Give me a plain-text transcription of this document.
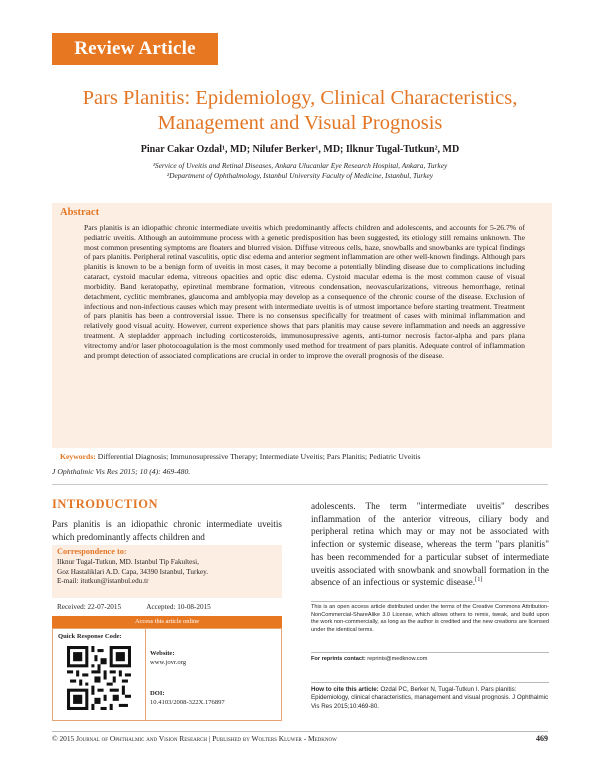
Review Article
Pars Planitis: Epidemiology, Clinical Characteristics,
Management and Visual Prognosis
Pinar Cakar Ozdal¹, MD; Nilufer Berker¹, MD; Ilknur Tugal-Tutkun², MD
¹Service of Uveitis and Retinal Diseases, Ankara Ulucanlar Eye Research Hospital, Ankara, Turkey
²Department of Ophthalmology, Istanbul University Faculty of Medicine, Istanbul, Turkey
Abstract
Pars planitis is an idiopathic chronic intermediate uveitis which predominantly affects children and adolescents, and accounts for 5-26.7% of pediatric uveitis. Although an autoimmune process with a genetic predisposition has been suggested, its etiology still remains unknown. The most common presenting symptoms are floaters and blurred vision. Diffuse vitreous cells, haze, snowballs and snowbanks are typical findings of pars planitis. Peripheral retinal vasculitis, optic disc edema and anterior segment inflammation are other well-known findings. Although pars planitis is known to be a benign form of uveitis in most cases, it may become a potentially blinding disease due to complications including cataract, cystoid macular edema, vitreous opacities and optic disc edema. Cystoid macular edema is the most common cause of visual morbidity. Band keratopathy, epiretinal membrane formation, vitreous condensation, neovascularizations, vitreous hemorrhage, retinal detachment, cyclitic membranes, glaucoma and amblyopia may develop as a consequence of the chronic course of the disease. Exclusion of infectious and non-infectious causes which may present with intermediate uveitis is of utmost importance before starting treatment. Treatment of pars planitis has been a controversial issue. There is no consensus specifically for treatment of cases with minimal inflammation and relatively good visual acuity. However, current experience shows that pars planitis may cause severe inflammation and needs an aggressive treatment. A stepladder approach including corticosteroids, immunosupressive agents, anti-tumor necrosis factor-alpha and pars plana vitrectomy and/or laser photocoagulation is the most commonly used method for treatment of pars planitis. Adequate control of inflammation and prompt detection of associated complications are crucial in order to improve the overall prognosis of the disease.
Keywords: Differential Diagnosis; Immunosupressive Therapy; Intermediate Uveitis; Pars Planitis; Pediatric Uveitis
J Ophthalmic Vis Res 2015; 10 (4): 469-480.
INTRODUCTION
Pars planitis is an idiopathic chronic intermediate uveitis which predominantly affects children and
Correspondence to:
Ilknur Tugal-Tutkun, MD. Istanbul Tip Fakultesi,
Goz Hastaliklari A.D. Capa, 34390 Istanbul, Turkey.
E-mail: itutkun@istanbul.edu.tr
Received: 22-07-2015	Accepted: 10-08-2015
Access this article online
Quick Response Code:
Website:
www.jovr.org
DOI:
10.4103/2008-322X.176897
adolescents. The term "intermediate uveitis" describes inflammation of the anterior vitreous, ciliary body and peripheral retina which may or may not be associated with infection or systemic disease, whereas the term "pars planitis" has been recommended for a particular subset of intermediate uveitis associated with snowbank and snowball formation in the absence of an infectious or systemic disease.[1]
This is an open access article distributed under the terms of the Creative Commons Attribution-NonCommercial-ShareAlike 3.0 License, which allows others to remix, tweak, and build upon the work non-commercially, as long as the author is credited and the new creations are licensed under the identical terms.
For reprints contact: reprints@medknow.com
How to cite this article: Ozdal PC, Berker N, Tugal-Tutkun I. Pars planitis: Epidemiology, clinical characteristics, management and visual prognosis. J Ophthalmic Vis Res 2015;10:469-80.
© 2015 Journal of Ophthalmic and Vision Research | Published by Wolters Kluwer - Medknow	469
